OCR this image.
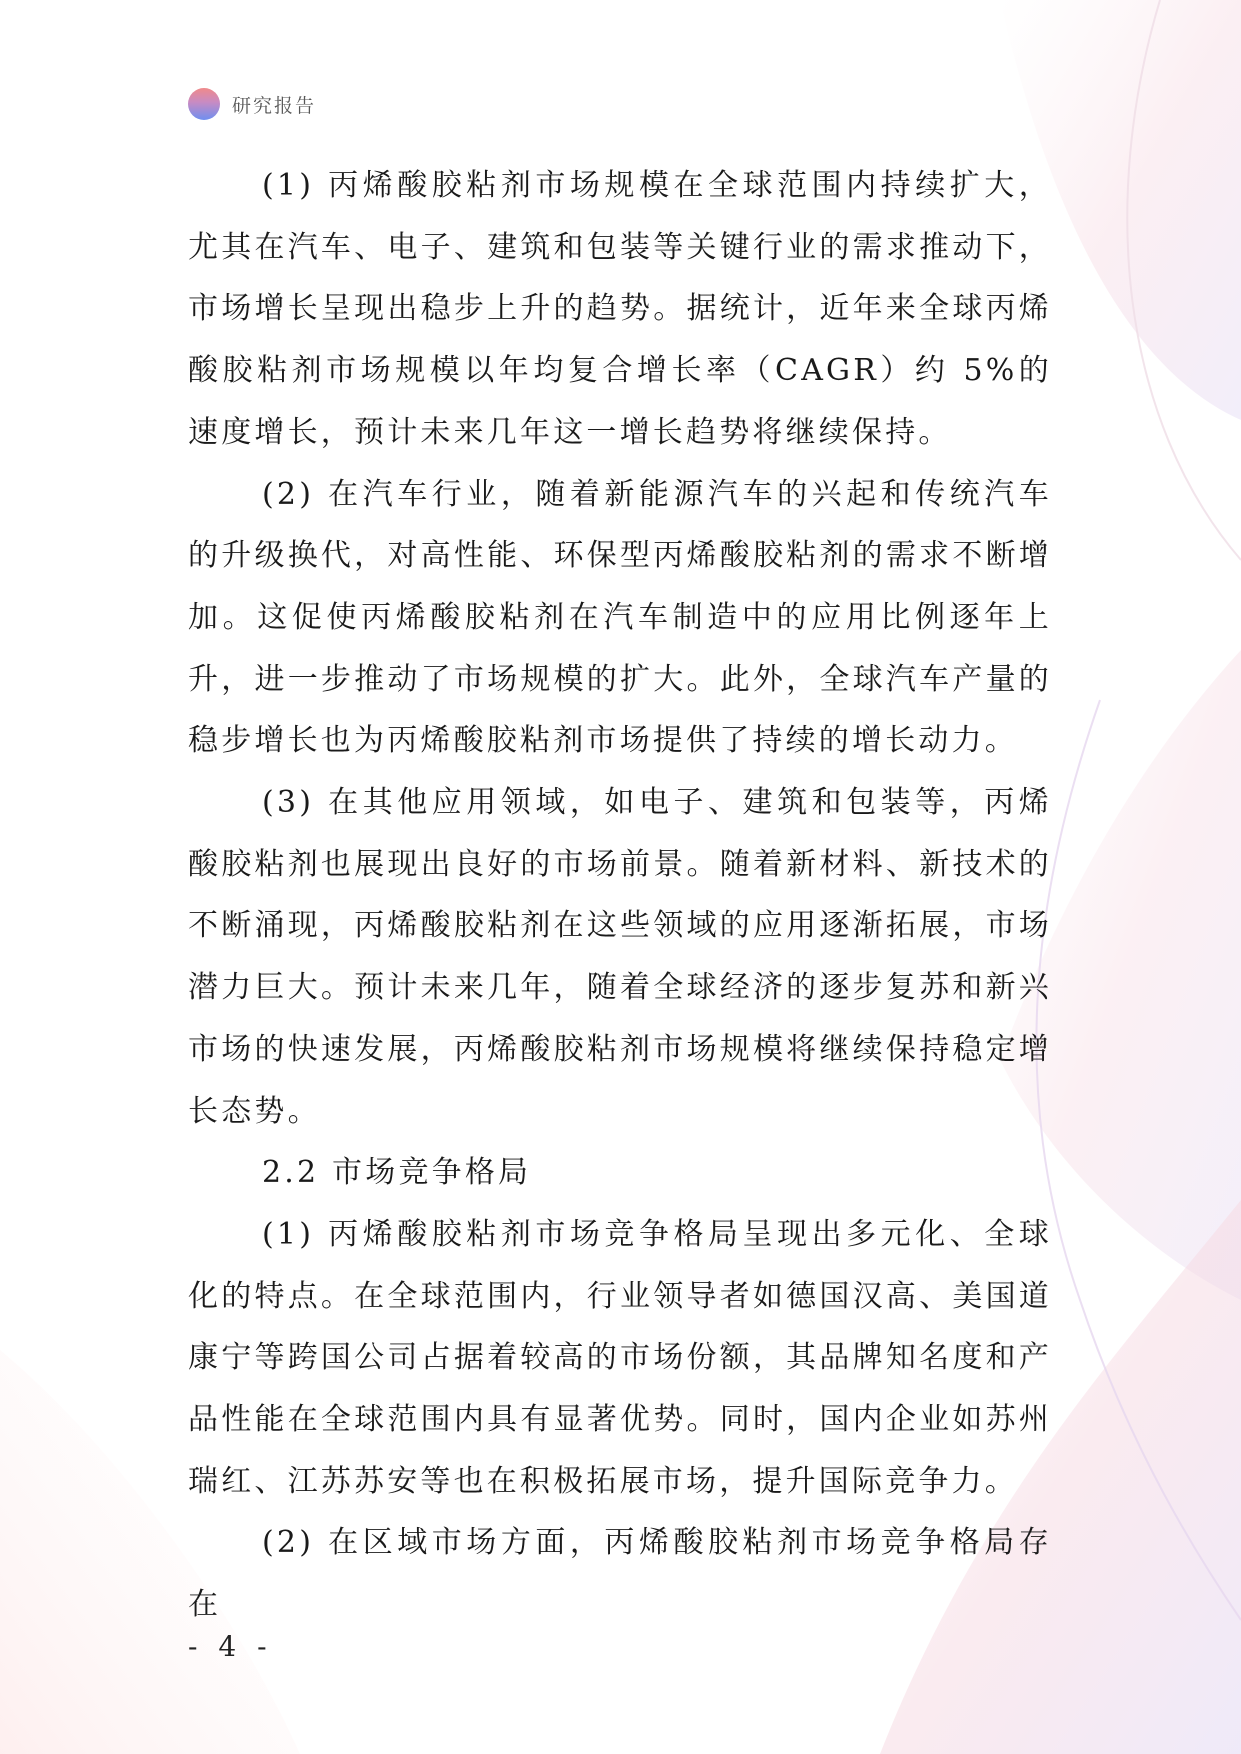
研究报告

(1) 丙烯酸胶粘剂市场规模在全球范围内持续扩大，尤其在汽车、电子、建筑和包装等关键行业的需求推动下，市场增长呈现出稳步上升的趋势。据统计，近年来全球丙烯酸胶粘剂市场规模以年均复合增长率（CAGR）约 5%的速度增长，预计未来几年这一增长趋势将继续保持。

(2) 在汽车行业，随着新能源汽车的兴起和传统汽车的升级换代，对高性能、环保型丙烯酸胶粘剂的需求不断增加。这促使丙烯酸胶粘剂在汽车制造中的应用比例逐年上升，进一步推动了市场规模的扩大。此外，全球汽车产量的稳步增长也为丙烯酸胶粘剂市场提供了持续的增长动力。

(3) 在其他应用领域，如电子、建筑和包装等，丙烯酸胶粘剂也展现出良好的市场前景。随着新材料、新技术的不断涌现，丙烯酸胶粘剂在这些领域的应用逐渐拓展，市场潜力巨大。预计未来几年，随着全球经济的逐步复苏和新兴市场的快速发展，丙烯酸胶粘剂市场规模将继续保持稳定增长态势。

2.2 市场竞争格局

(1) 丙烯酸胶粘剂市场竞争格局呈现出多元化、全球化的特点。在全球范围内，行业领导者如德国汉高、美国道康宁等跨国公司占据着较高的市场份额，其品牌知名度和产品性能在全球范围内具有显著优势。同时，国内企业如苏州瑞红、江苏苏安等也在积极拓展市场，提升国际竞争力。

(2) 在区域市场方面，丙烯酸胶粘剂市场竞争格局存在

- 4 -
